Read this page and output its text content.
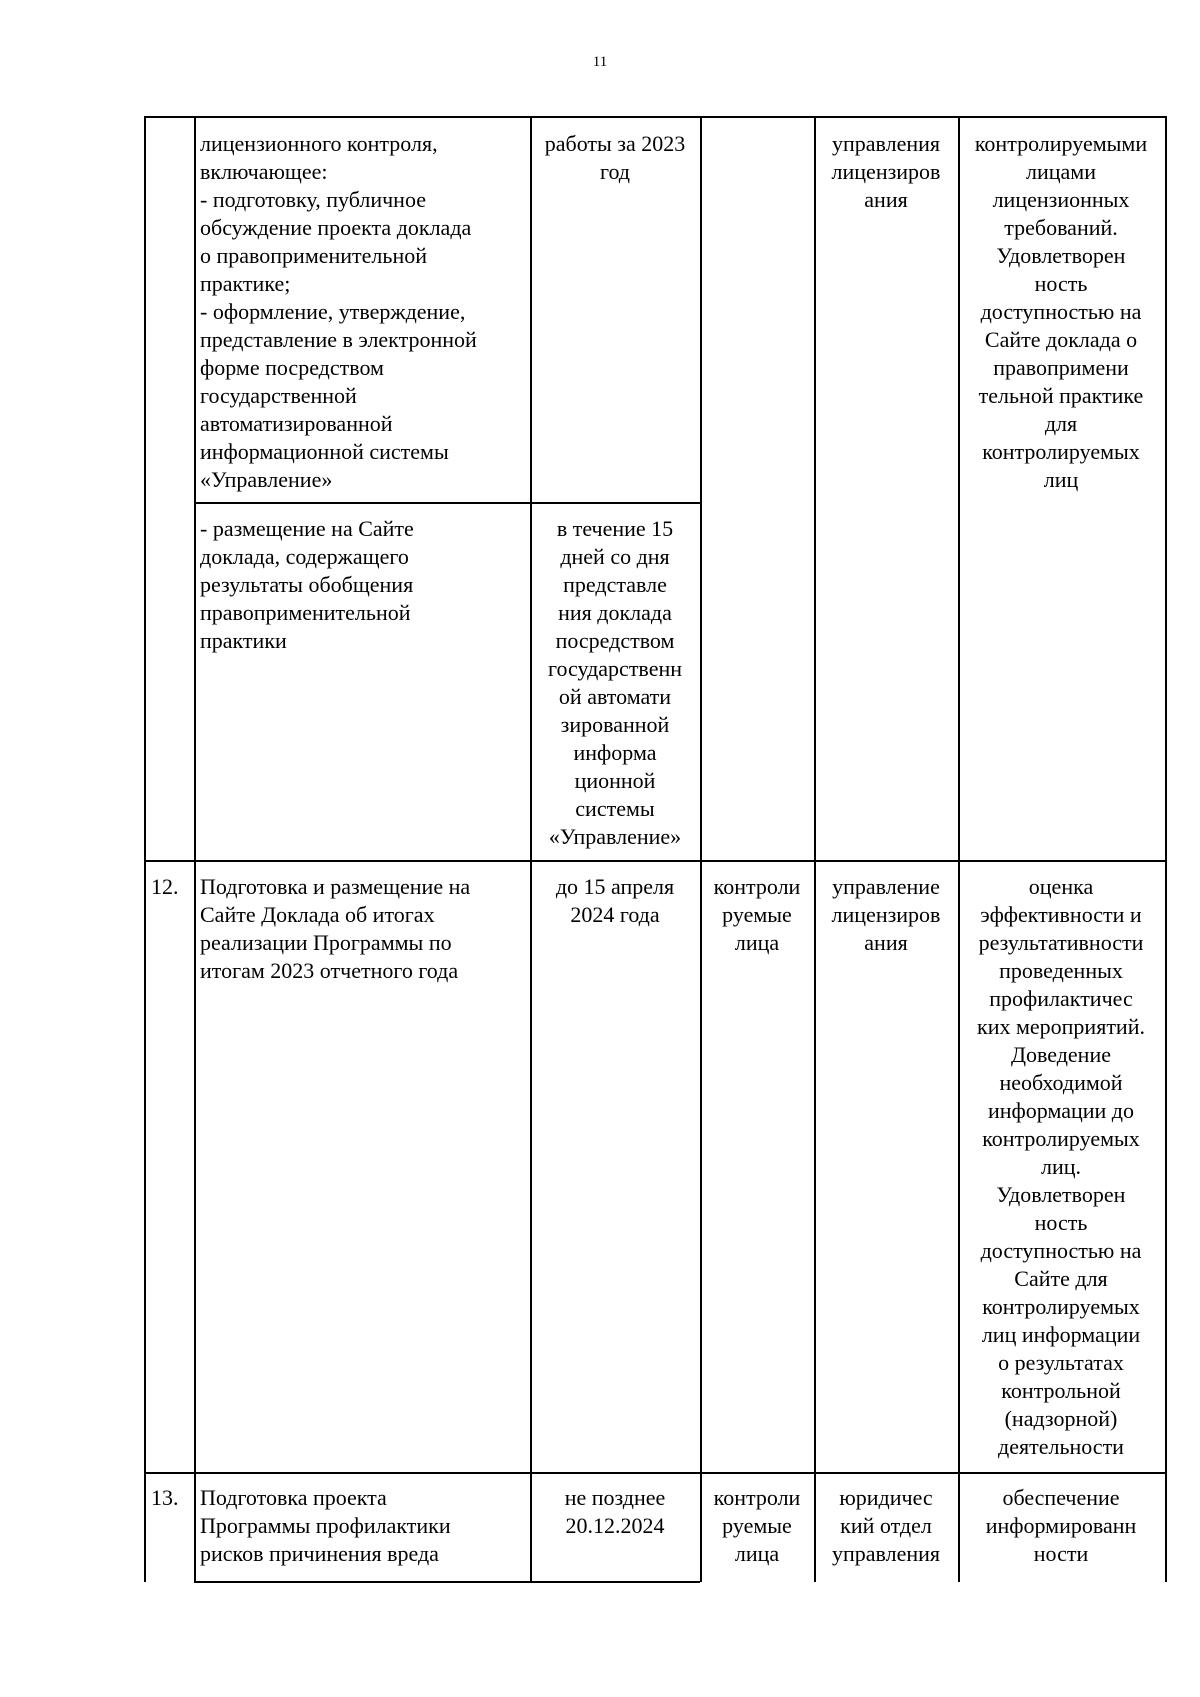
11
лицензионного контроля,
включающее:
- подготовку, публичное
обсуждение проекта доклада
о правоприменительной
практике;
- оформление, утверждение,
представление в электронной
форме посредством
государственной
автоматизированной
информационной системы
«Управление»
работы за 2023
год
- размещение на Сайте
доклада, содержащего
результаты обобщения
правоприменительной
практики
в течение 15
дней со дня
представле
ния доклада
посредством
государственн
ой автомати
зированной
информа
ционной
системы
«Управление»
управления
лицензиров
ания
контролируемыми
лицами
лицензионных
требований.
Удовлетворен
ность
доступностью на
Сайте доклада о
правопримени
тельной практике
для
контролируемых
лиц
12. Подготовка и размещение на
Сайте Доклада об итогах
реализации Программы по
итогам 2023 отчетного года
до 15 апреля
2024 года
контроли
руемые
лица
управление
лицензиров
ания
оценка
эффективности и
результативности
проведенных
профилактичес
ких мероприятий.
Доведение
необходимой
информации до
контролируемых
лиц.
Удовлетворен
ность
доступностью на
Сайте для
контролируемых
лиц информации
о результатах
контрольной
(надзорной)
деятельности
13. Подготовка проекта
Программы профилактики
рисков причинения вреда
не позднее
20.12.2024
контроли
руемые
лица
юридичес
кий отдел
управления
обеспечение
информированн
ности
